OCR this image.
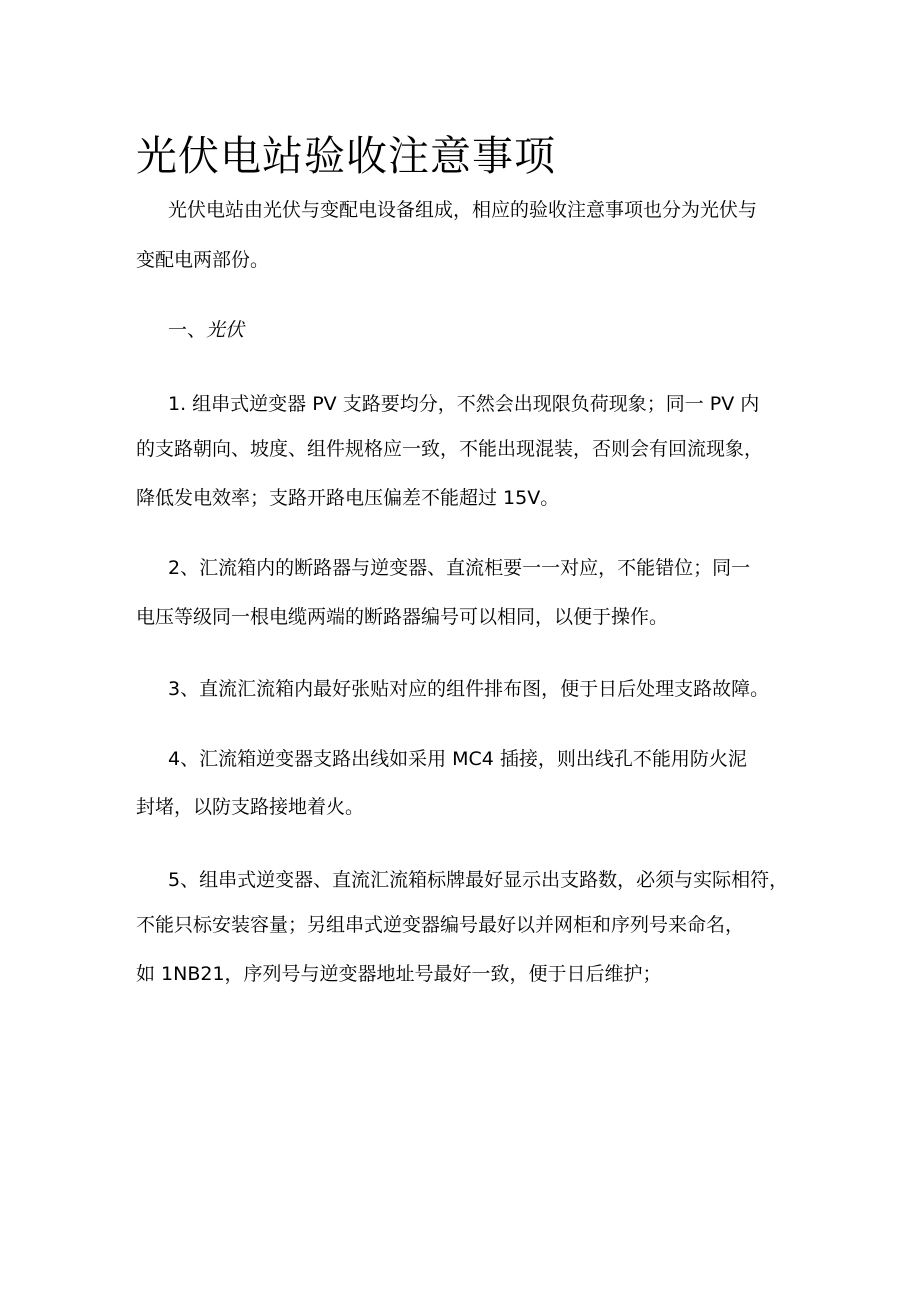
光伏电站验收注意事项
光伏电站由光伏与变配电设备组成，相应的验收注意事项也分为光伏与
变配电两部份。
一、光伏
1. 组串式逆变器 PV 支路要均分，不然会出现限负荷现象；同一 PV 内
的支路朝向、坡度、组件规格应一致，不能出现混装，否则会有回流现象，
降低发电效率；支路开路电压偏差不能超过 15V。
2、汇流箱内的断路器与逆变器、直流柜要一一对应，不能错位；同一
电压等级同一根电缆两端的断路器编号可以相同，以便于操作。
3、直流汇流箱内最好张贴对应的组件排布图，便于日后处理支路故障。
4、汇流箱逆变器支路出线如采用 MC4 插接，则出线孔不能用防火泥
封堵，以防支路接地着火。
5、组串式逆变器、直流汇流箱标牌最好显示出支路数，必须与实际相符，
不能只标安装容量；另组串式逆变器编号最好以并网柜和序列号来命名，
如 1NB21，序列号与逆变器地址号最好一致，便于日后维护；
